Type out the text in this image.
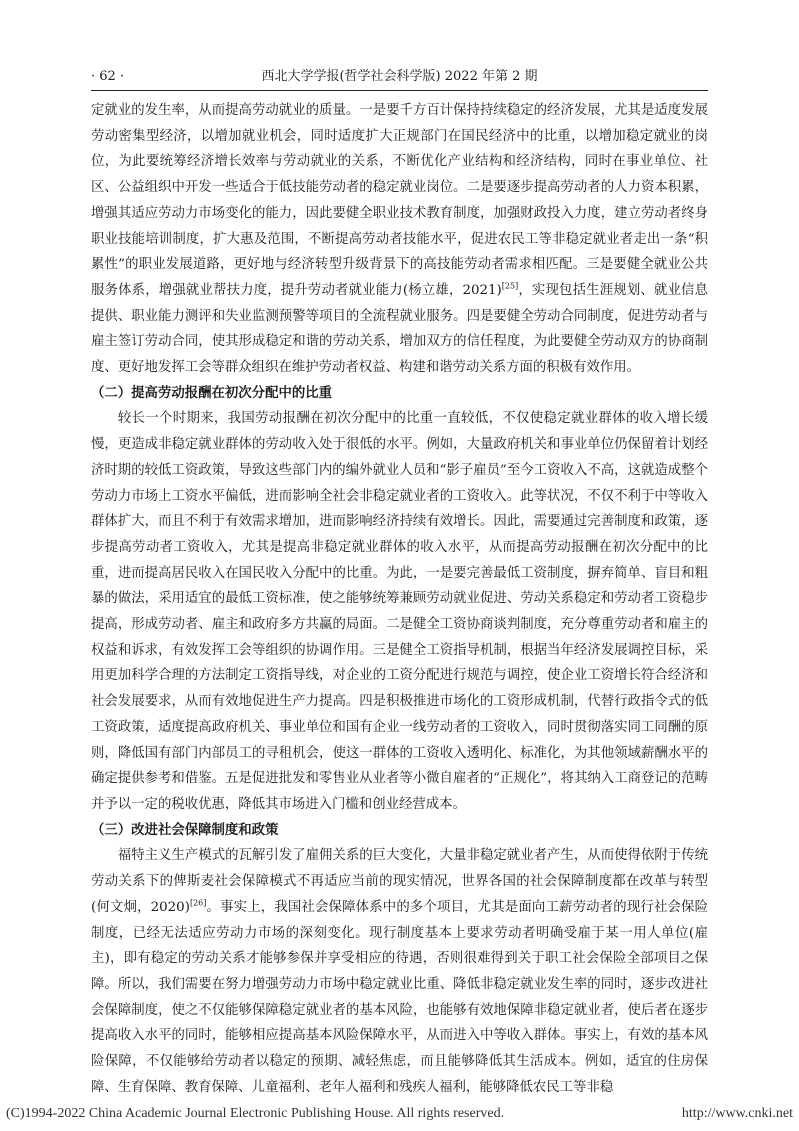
· 62 ·	西北大学学报(哲学社会科学版) 2022 年第 2 期

定就业的发生率，从而提高劳动就业的质量。一是要千方百计保持持续稳定的经济发展，尤其是适度发展劳动密集型经济，以增加就业机会，同时适度扩大正规部门在国民经济中的比重，以增加稳定就业的岗位，为此要统筹经济增长效率与劳动就业的关系，不断优化产业结构和经济结构，同时在事业单位、社区、公益组织中开发一些适合于低技能劳动者的稳定就业岗位。二是要逐步提高劳动者的人力资本积累，增强其适应劳动力市场变化的能力，因此要健全职业技术教育制度，加强财政投入力度，建立劳动者终身职业技能培训制度，扩大惠及范围，不断提高劳动者技能水平，促进农民工等非稳定就业者走出一条“积累性”的职业发展道路，更好地与经济转型升级背景下的高技能劳动者需求相匹配。三是要健全就业公共服务体系，增强就业帮扶力度，提升劳动者就业能力(杨立雄，2021)[25]，实现包括生涯规划、就业信息提供、职业能力测评和失业监测预警等项目的全流程就业服务。四是要健全劳动合同制度，促进劳动者与雇主签订劳动合同，使其形成稳定和谐的劳动关系，增加双方的信任程度，为此要健全劳动双方的协商制度、更好地发挥工会等群众组织在维护劳动者权益、构建和谐劳动关系方面的积极有效作用。

（二）提高劳动报酬在初次分配中的比重

较长一个时期来，我国劳动报酬在初次分配中的比重一直较低，不仅使稳定就业群体的收入增长缓慢，更造成非稳定就业群体的劳动收入处于很低的水平。例如，大量政府机关和事业单位仍保留着计划经济时期的较低工资政策，导致这些部门内的编外就业人员和“影子雇员”至今工资收入不高，这就造成整个劳动力市场上工资水平偏低，进而影响全社会非稳定就业者的工资收入。此等状况，不仅不利于中等收入群体扩大，而且不利于有效需求增加，进而影响经济持续有效增长。因此，需要通过完善制度和政策，逐步提高劳动者工资收入，尤其是提高非稳定就业群体的收入水平，从而提高劳动报酬在初次分配中的比重，进而提高居民收入在国民收入分配中的比重。为此，一是要完善最低工资制度，摒弃简单、盲目和粗暴的做法，采用适宜的最低工资标准，使之能够统筹兼顾劳动就业促进、劳动关系稳定和劳动者工资稳步提高，形成劳动者、雇主和政府多方共赢的局面。二是健全工资协商谈判制度，充分尊重劳动者和雇主的权益和诉求，有效发挥工会等组织的协调作用。三是健全工资指导机制，根据当年经济发展调控目标，采用更加科学合理的方法制定工资指导线，对企业的工资分配进行规范与调控，使企业工资增长符合经济和社会发展要求，从而有效地促进生产力提高。四是积极推进市场化的工资形成机制，代替行政指令式的低工资政策，适度提高政府机关、事业单位和国有企业一线劳动者的工资收入，同时贯彻落实同工同酬的原则，降低国有部门内部员工的寻租机会，使这一群体的工资收入透明化、标准化，为其他领域薪酬水平的确定提供参考和借鉴。五是促进批发和零售业从业者等小微自雇者的“正规化”，将其纳入工商登记的范畴并予以一定的税收优惠，降低其市场进入门槛和创业经营成本。

（三）改进社会保障制度和政策

福特主义生产模式的瓦解引发了雇佣关系的巨大变化，大量非稳定就业者产生，从而使得依附于传统劳动关系下的俾斯麦社会保障模式不再适应当前的现实情况，世界各国的社会保障制度都在改革与转型(何文炯，2020)[26]。事实上，我国社会保障体系中的多个项目，尤其是面向工薪劳动者的现行社会保险制度，已经无法适应劳动力市场的深刻变化。现行制度基本上要求劳动者明确受雇于某一用人单位(雇主)，即有稳定的劳动关系才能够参保并享受相应的待遇，否则很难得到关于职工社会保险全部项目之保障。所以，我们需要在努力增强劳动力市场中稳定就业比重、降低非稳定就业发生率的同时，逐步改进社会保障制度，使之不仅能够保障稳定就业者的基本风险，也能够有效地保障非稳定就业者，使后者在逐步提高收入水平的同时，能够相应提高基本风险保障水平，从而进入中等收入群体。事实上，有效的基本风险保障，不仅能够给劳动者以稳定的预期、减轻焦虑，而且能够降低其生活成本。例如，适宜的住房保障、生育保障、教育保障、儿童福利、老年人福利和残疾人福利，能够降低农民工等非稳

(C)1994-2022 China Academic Journal Electronic Publishing House. All rights reserved.	http://www.cnki.net
